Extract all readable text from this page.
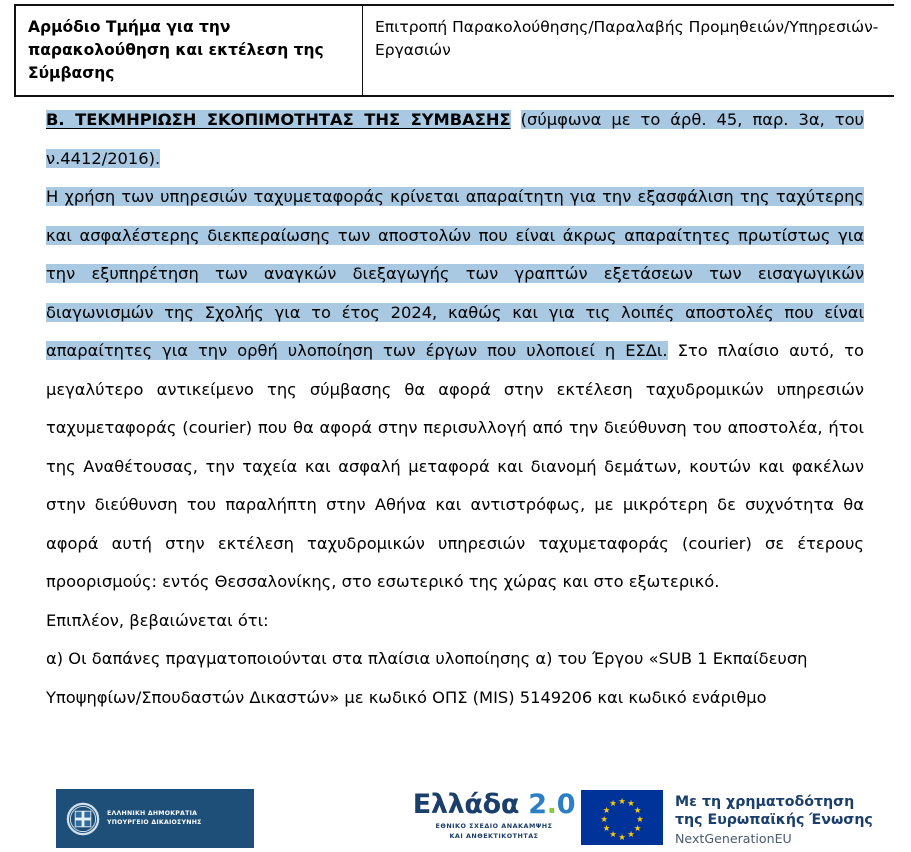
Αρμόδιο Τμήμα για την παρακολούθηση και εκτέλεση της Σύμβασης	Επιτροπή Παρακολούθησης/Παραλαβής Προμηθειών/Υπηρεσιών-Εργασιών

Β. ΤΕΚΜΗΡΙΩΣΗ ΣΚΟΠΙΜΟΤΗΤΑΣ ΤΗΣ ΣΥΜΒΑΣΗΣ (σύμφωνα με το άρθ. 45, παρ. 3α, του ν.4412/2016).

Η χρήση των υπηρεσιών ταχυμεταφοράς κρίνεται απαραίτητη για την εξασφάλιση της ταχύτερης και ασφαλέστερης διεκπεραίωσης των αποστολών που είναι άκρως απαραίτητες πρωτίστως για την εξυπηρέτηση των αναγκών διεξαγωγής των γραπτών εξετάσεων των εισαγωγικών διαγωνισμών της Σχολής για το έτος 2024, καθώς και για τις λοιπές αποστολές που είναι απαραίτητες για την ορθή υλοποίηση των έργων που υλοποιεί η ΕΣΔι. Στο πλαίσιο αυτό, το μεγαλύτερο αντικείμενο της σύμβασης θα αφορά στην εκτέλεση ταχυδρομικών υπηρεσιών ταχυμεταφοράς (courier) που θα αφορά στην περισυλλογή από την διεύθυνση του αποστολέα, ήτοι της Αναθέτουσας, την ταχεία και ασφαλή μεταφορά και διανομή δεμάτων, κουτών και φακέλων στην διεύθυνση του παραλήπτη στην Αθήνα και αντιστρόφως, με μικρότερη δε συχνότητα θα αφορά αυτή στην εκτέλεση ταχυδρομικών υπηρεσιών ταχυμεταφοράς (courier) σε έτερους προορισμούς: εντός Θεσσαλονίκης, στο εσωτερικό της χώρας και στο εξωτερικό.

Επιπλέον, βεβαιώνεται ότι:

α) Οι δαπάνες πραγματοποιούνται στα πλαίσια υλοποίησης α) του Έργου «SUB 1 Εκπαίδευση Υποψηφίων/Σπουδαστών Δικαστών» με κωδικό ΟΠΣ (MIS) 5149206 και κωδικό ενάριθμο

ΕΛΛΗΝΙΚΗ ΔΗΜΟΚΡΑΤΙΑ
ΥΠΟΥΡΓΕΙΟ ΔΙΚΑΙΟΣΥΝΗΣ
Ελλάδα 2.0
ΕΘΝΙΚΟ ΣΧΕΔΙΟ ΑΝΑΚΑΜΨΗΣ
ΚΑΙ ΑΝΘΕΚΤΙΚΟΤΗΤΑΣ
★ ★
★
★
★
★
★
★
★
★
★
★	Με τη χρηματοδότηση
της Ευρωπαϊκής Ένωσης
NextGenerationEU
